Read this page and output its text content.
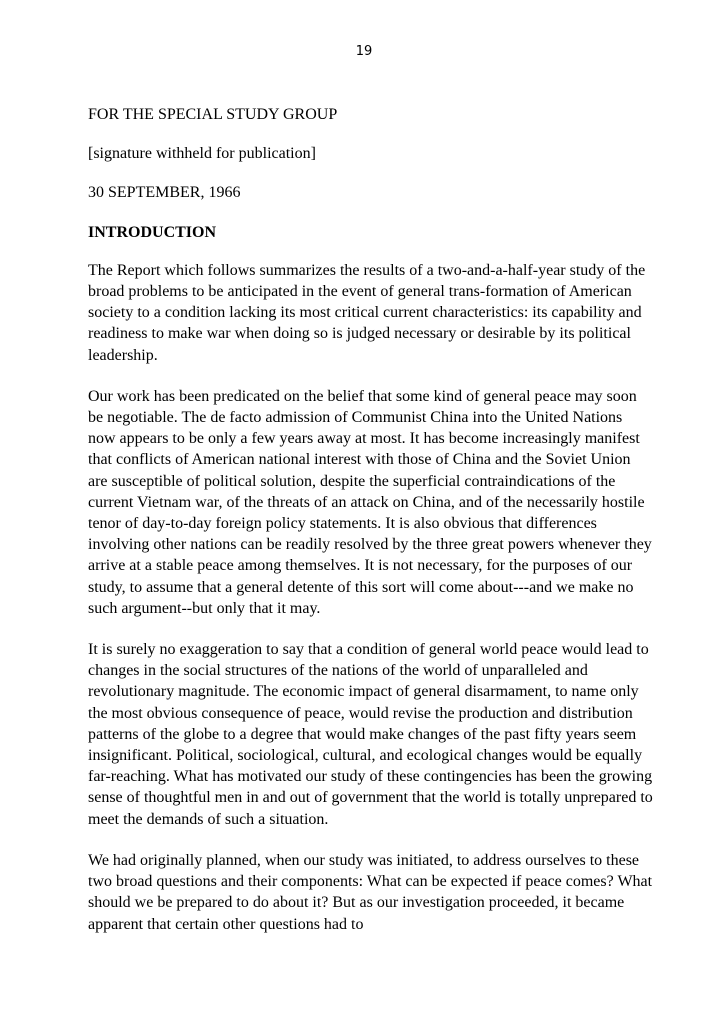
19

FOR THE SPECIAL STUDY GROUP

[signature withheld for publication]

30 SEPTEMBER, 1966

INTRODUCTION

The Report which follows summarizes the results of a two-and-a-half-year study of the broad problems to be anticipated in the event of general trans-formation of American society to a condition lacking its most critical current characteristics: its capability and readiness to make war when doing so is judged necessary or desirable by its political leadership.

Our work has been predicated on the belief that some kind of general peace may soon be negotiable. The de facto admission of Communist China into the United Nations now appears to be only a few years away at most. It has become increasingly manifest that conflicts of American national interest with those of China and the Soviet Union are susceptible of political solution, despite the superficial contraindications of the current Vietnam war, of the threats of an attack on China, and of the necessarily hostile tenor of day-to-day foreign policy statements. It is also obvious that differences involving other nations can be readily resolved by the three great powers whenever they arrive at a stable peace among themselves. It is not necessary, for the purposes of our study, to assume that a general detente of this sort will come about---and we make no such argument--but only that it may.

It is surely no exaggeration to say that a condition of general world peace would lead to changes in the social structures of the nations of the world of unparalleled and revolutionary magnitude. The economic impact of general disarmament, to name only the most obvious consequence of peace, would revise the production and distribution patterns of the globe to a degree that would make changes of the past fifty years seem insignificant. Political, sociological, cultural, and ecological changes would be equally far-reaching. What has motivated our study of these contingencies has been the growing sense of thoughtful men in and out of government that the world is totally unprepared to meet the demands of such a situation.

We had originally planned, when our study was initiated, to address ourselves to these two broad questions and their components: What can be expected if peace comes? What should we be prepared to do about it? But as our investigation proceeded, it became apparent that certain other questions had to
